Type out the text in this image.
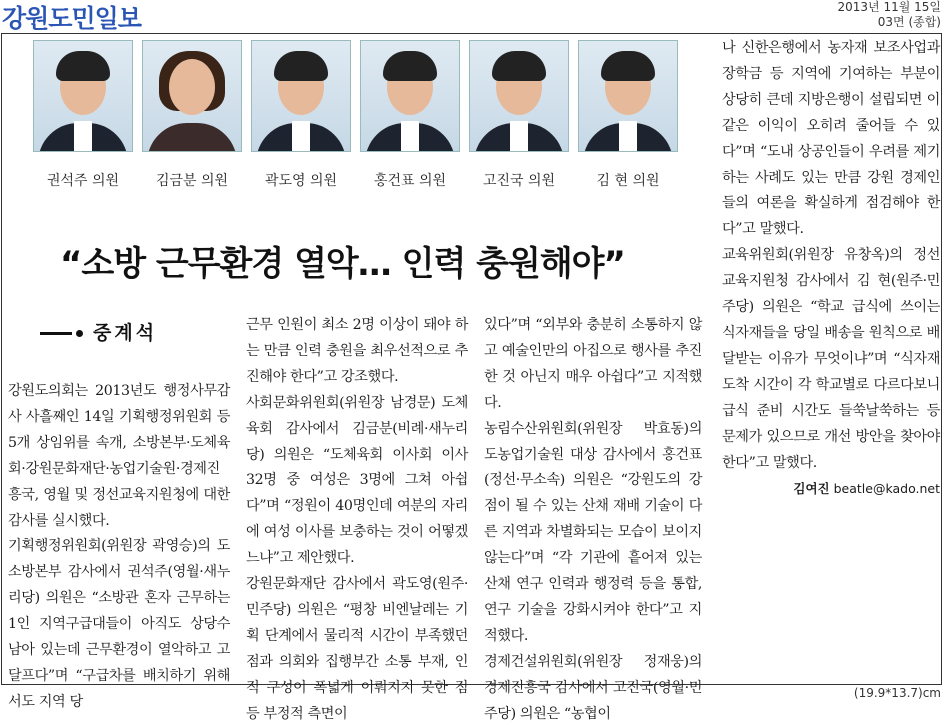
강원도민일보	2013년 11월 15일
03면 (종합)
권석주 의원	김금분 의원	곽도영 의원	홍건표 의원	고진국 의원	김 현 의원
“소방 근무환경 열악… 인력 충원해야”
중계석

강원도의회는 2013년도 행정사무감사 사흘째인 14일 기획행정위원회 등 5개 상임위를 속개, 소방본부·도체육회·강원문화재단·농업기술원·경제진흥국, 영월 및 정선교육지원청에 대한 감사를 실시했다.

기획행정위원회(위원장 곽영승)의 도소방본부 감사에서 권석주(영월·새누리당) 의원은 “소방관 혼자 근무하는 1인 지역구급대들이 아직도 상당수 남아 있는데 근무환경이 열악하고 고달프다”며 “구급차를 배치하기 위해서도 지역 당

근무 인원이 최소 2명 이상이 돼야 하는 만큼 인력 충원을 최우선적으로 추진해야 한다”고 강조했다.

사회문화위원회(위원장 남경문) 도체육회 감사에서 김금분(비례·새누리당) 의원은 “도체육회 이사회 이사 32명 중 여성은 3명에 그쳐 아쉽다”며 “정원이 40명인데 여분의 자리에 여성 이사를 보충하는 것이 어떻겠느냐”고 제안했다.

강원문화재단 감사에서 곽도영(원주·민주당) 의원은 “평창 비엔날레는 기획 단계에서 물리적 시간이 부족했던 점과 의회와 집행부간 소통 부재, 인적 구성이 폭넓게 이뤄지지 못한 점 등 부정적 측면이

있다”며 “외부와 충분히 소통하지 않고 예술인만의 아집으로 행사를 추진한 것 아닌지 매우 아쉽다”고 지적했다.

농림수산위원회(위원장 박효동)의 도농업기술원 대상 감사에서 홍건표(정선·무소속) 의원은 “강원도의 강점이 될 수 있는 산채 재배 기술이 다른 지역과 차별화되는 모습이 보이지 않는다”며 “각 기관에 흩어져 있는 산채 연구 인력과 행정력 등을 통합, 연구 기술을 강화시켜야 한다”고 지적했다.

경제건설위원회(위원장 정재웅)의 경제진흥국 감사에서 고진국(영월·민주당) 의원은 “농협이

나 신한은행에서 농자재 보조사업과 장학금 등 지역에 기여하는 부분이 상당히 큰데 지방은행이 설립되면 이같은 이익이 오히려 줄어들 수 있다”며 “도내 상공인들이 우려를 제기하는 사례도 있는 만큼 강원 경제인들의 여론을 확실하게 점검해야 한다”고 말했다.

교육위원회(위원장 유창옥)의 정선교육지원청 감사에서 김 현(원주·민주당) 의원은 “학교 급식에 쓰이는 식자재들을 당일 배송을 원칙으로 배달받는 이유가 무엇이냐”며 “식자재 도착 시간이 각 학교별로 다르다보니 급식 준비 시간도 들쑥날쑥하는 등 문제가 있으므로 개선 방안을 찾아야 한다”고 말했다.

김여진 beatle@kado.net
(19.9*13.7)cm
